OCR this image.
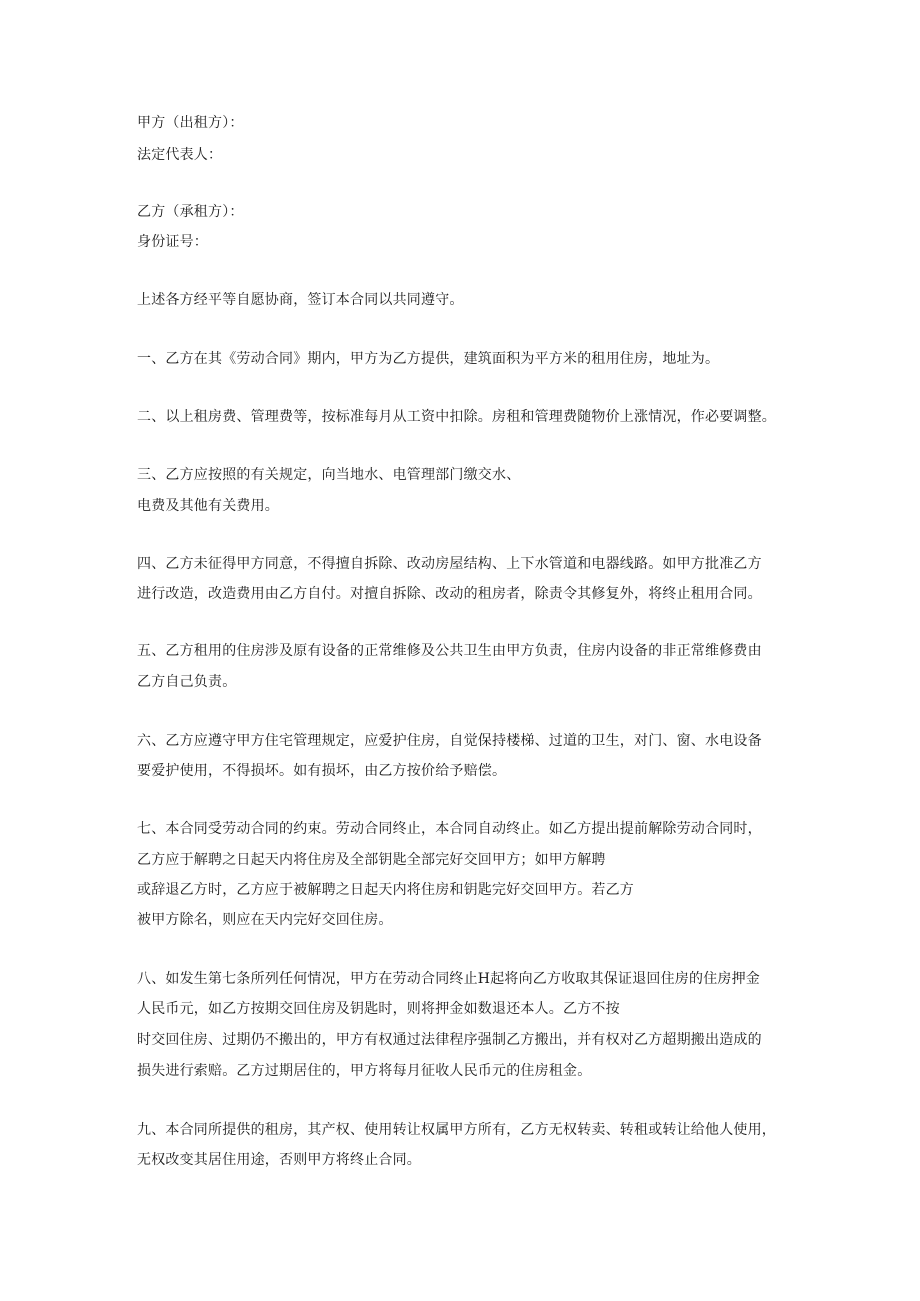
甲方（出租方）：
法定代表人：
乙方（承租方）：
身份证号：
上述各方经平等自愿协商，签订本合同以共同遵守。
一、乙方在其《劳动合同》期内，甲方为乙方提供，建筑面积为平方米的租用住房，地址为。
二、以上租房费、管理费等，按标准每月从工资中扣除。房租和管理费随物价上涨情况，作必要调整。
三、乙方应按照的有关规定，向当地水、电管理部门缴交水、
电费及其他有关费用。
四、乙方未征得甲方同意，不得擅自拆除、改动房屋结构、上下水管道和电器线路。如甲方批准乙方
进行改造，改造费用由乙方自付。对擅自拆除、改动的租房者，除责令其修复外，将终止租用合同。
五、乙方租用的住房涉及原有设备的正常维修及公共卫生由甲方负责，住房内设备的非正常维修费由
乙方自己负责。
六、乙方应遵守甲方住宅管理规定，应爱护住房，自觉保持楼梯、过道的卫生，对门、窗、水电设备
要爱护使用，不得损坏。如有损坏，由乙方按价给予赔偿。
七、本合同受劳动合同的约束。劳动合同终止，本合同自动终止。如乙方提出提前解除劳动合同时，
乙方应于解聘之日起天内将住房及全部钥匙全部完好交回甲方；如甲方解聘
或辞退乙方时，乙方应于被解聘之日起天内将住房和钥匙完好交回甲方。若乙方
被甲方除名，则应在天内完好交回住房。
八、如发生第七条所列任何情况，甲方在劳动合同终止H起将向乙方收取其保证退回住房的住房押金
人民币元，如乙方按期交回住房及钥匙时，则将押金如数退还本人。乙方不按
时交回住房、过期仍不搬出的，甲方有权通过法律程序强制乙方搬出，并有权对乙方超期搬出造成的
损失进行索赔。乙方过期居住的，甲方将每月征收人民币元的住房租金。
九、本合同所提供的租房，其产权、使用转让权属甲方所有，乙方无权转卖、转租或转让给他人使用，
无权改变其居住用途，否则甲方将终止合同。
